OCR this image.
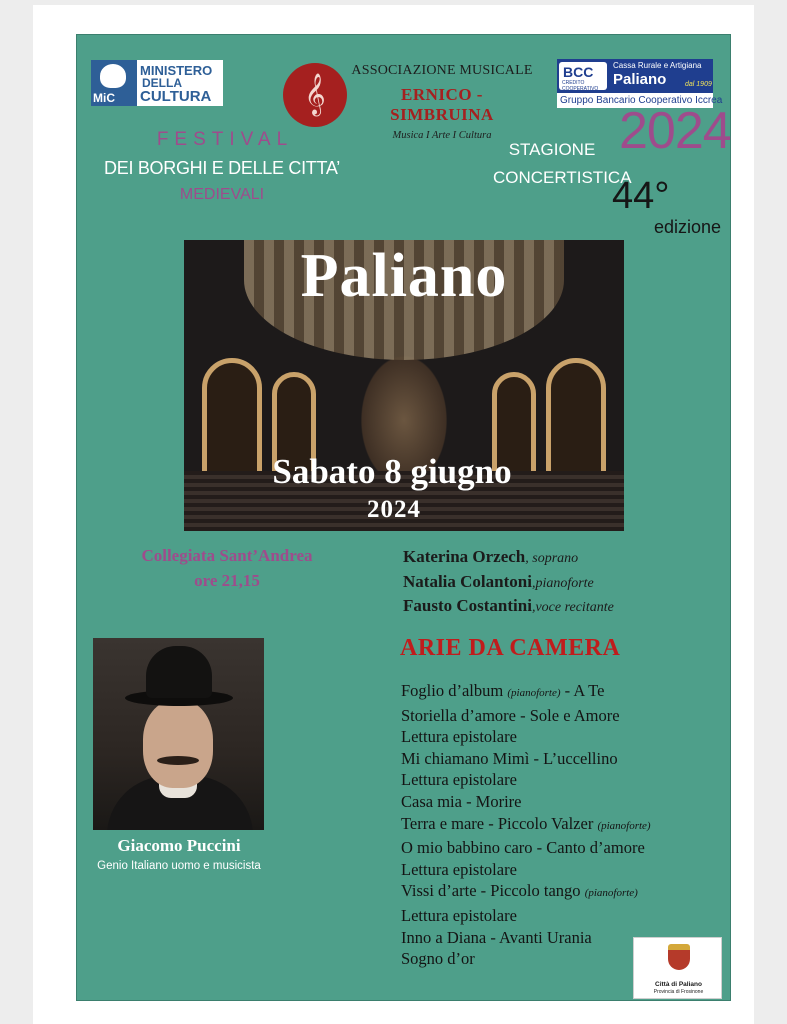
MiC
MINISTERO
DELLA
CULTURA	𝄞
ASSOCIAZIONE MUSICALE
ERNICO - SIMBRUINA
Musica I Arte I Cultura
BCC
CREDITO COOPERATIVO
Cassa Rurale e Artigiana
Paliano	dal 1909
Gruppo Bancario Cooperativo Iccrea
FESTIVAL
DEI BORGHI E DELLE CITTA’
MEDIEVALI
STAGIONE
CONCERTISTICA
2024
44°
edizione
Paliano
Sabato 8 giugno
2024
Collegiata Sant’Andrea
ore 21,15
Katerina Orzech, soprano
Natalia Colantoni,pianoforte
Fausto Costantini,voce recitante
Giacomo Puccini
Genio Italiano uomo e musicista
ARIE DA CAMERA
Foglio d’album (pianoforte) - A Te
Storiella d’amore - Sole e Amore
Lettura epistolare
Mi chiamano Mimì - L’uccellino
Lettura epistolare
Casa mia - Morire
Terra e mare - Piccolo Valzer (pianoforte)
O mio babbino caro - Canto d’amore
Lettura epistolare
Vissi d’arte - Piccolo tango (pianoforte)
Lettura epistolare
Inno a Diana - Avanti Urania
Sogno d’or
Città di Paliano
Provincia di Frosinone
